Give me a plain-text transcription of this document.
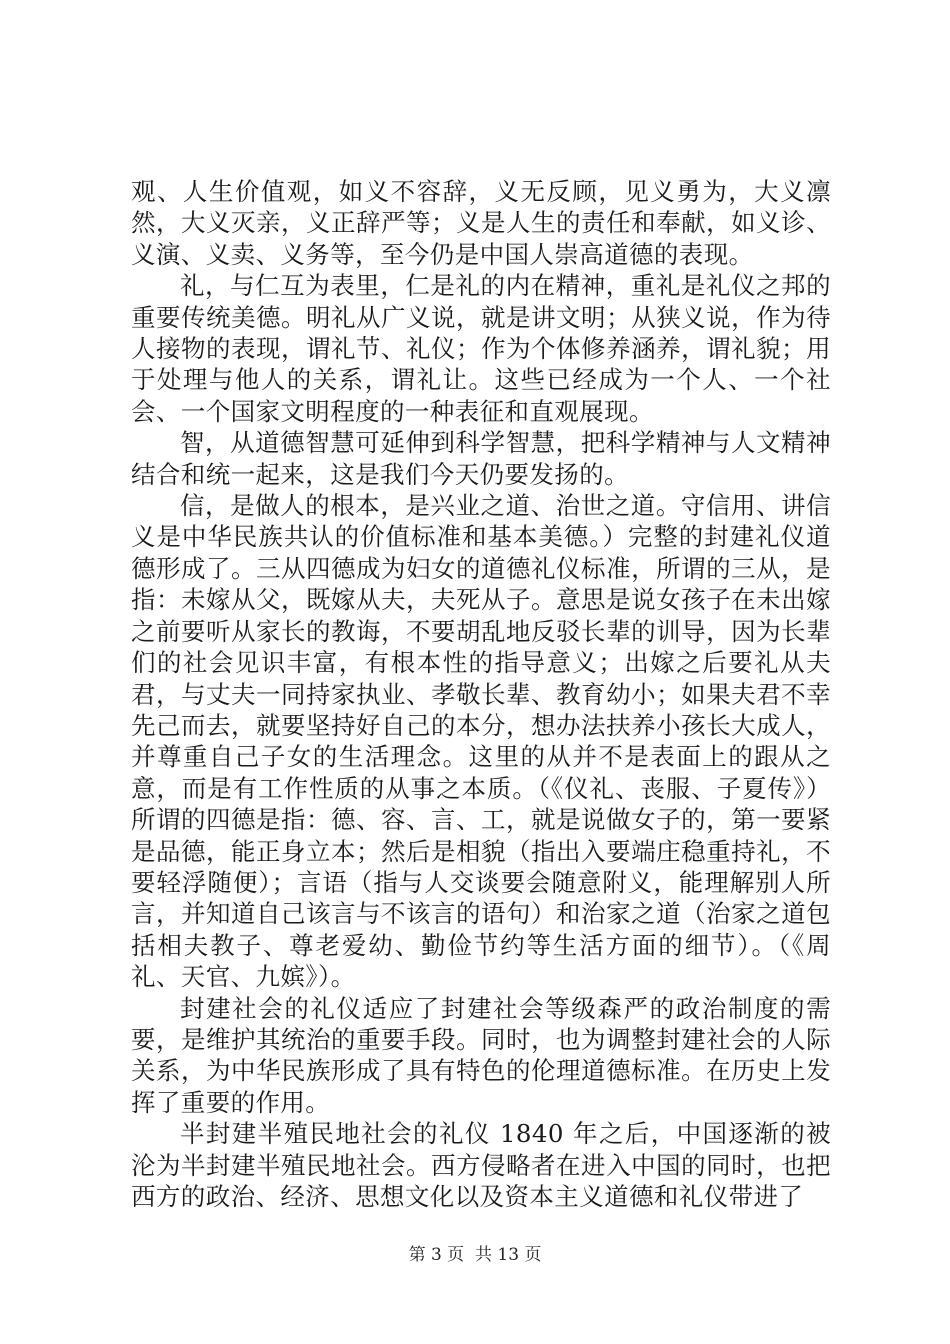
观、人生价值观，如义不容辞，义无反顾，见义勇为，大义凛然，大义灭亲，义正辞严等；义是人生的责任和奉献，如义诊、义演、义卖、义务等，至今仍是中国人崇高道德的表现。

礼，与仁互为表里，仁是礼的内在精神，重礼是礼仪之邦的重要传统美德。明礼从广义说，就是讲文明；从狭义说，作为待人接物的表现，谓礼节、礼仪；作为个体修养涵养，谓礼貌；用于处理与他人的关系，谓礼让。这些已经成为一个人、一个社会、一个国家文明程度的一种表征和直观展现。

智，从道德智慧可延伸到科学智慧，把科学精神与人文精神结合和统一起来，这是我们今天仍要发扬的。

信，是做人的根本，是兴业之道、治世之道。守信用、讲信义是中华民族共认的价值标准和基本美德。）完整的封建礼仪道德形成了。三从四德成为妇女的道德礼仪标准，所谓的三从，是指：未嫁从父，既嫁从夫，夫死从子。意思是说女孩子在未出嫁之前要听从家长的教诲，不要胡乱地反驳长辈的训导，因为长辈们的社会见识丰富，有根本性的指导意义；出嫁之后要礼从夫君，与丈夫一同持家执业、孝敬长辈、教育幼小；如果夫君不幸先己而去，就要坚持好自己的本分，想办法扶养小孩长大成人，并尊重自己子女的生活理念。这里的从并不是表面上的跟从之意，而是有工作性质的从事之本质。（《仪礼、丧服、子夏传》）所谓的四德是指：德、容、言、工，就是说做女子的，第一要紧是品德，能正身立本；然后是相貌（指出入要端庄稳重持礼，不要轻浮随便）；言语（指与人交谈要会随意附义，能理解别人所言，并知道自己该言与不该言的语句）和治家之道（治家之道包括相夫教子、尊老爱幼、勤俭节约等生活方面的细节）。（《周礼、天官、九嫔》）。

封建社会的礼仪适应了封建社会等级森严的政治制度的需要，是维护其统治的重要手段。同时，也为调整封建社会的人际关系，为中华民族形成了具有特色的伦理道德标准。在历史上发挥了重要的作用。

半封建半殖民地社会的礼仪 1840 年之后，中国逐渐的被沦为半封建半殖民地社会。西方侵略者在进入中国的同时，也把西方的政治、经济、思想文化以及资本主义道德和礼仪带进了

第 3 页  共 13 页
